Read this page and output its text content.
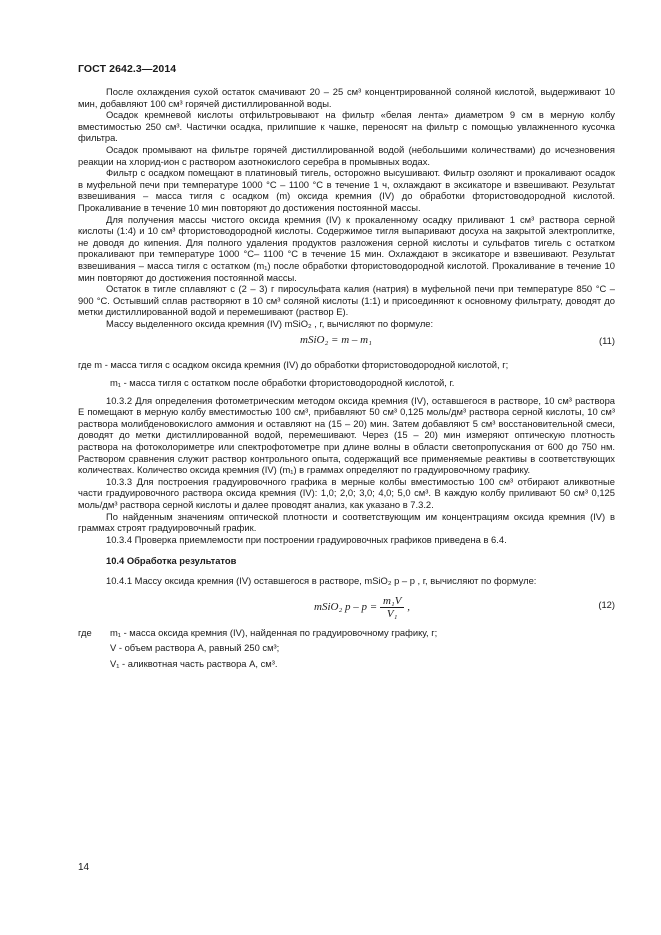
ГОСТ 2642.3—2014

После охлаждения сухой остаток смачивают 20 – 25 см³ концентрированной соляной кислотой, выдерживают 10 мин, добавляют 100 см³ горячей дистиллированной воды.

Осадок кремневой кислоты отфильтровывают на фильтр «белая лента» диаметром 9 см в мерную колбу вместимостью 250 см³. Частички осадка, прилипшие к чашке, переносят на фильтр с помощью увлажненного кусочка фильтра.

Осадок промывают на фильтре горячей дистиллированной водой (небольшими количествами) до исчезновения реакции на хлорид-ион с раствором азотнокислого серебра в промывных водах.

Фильтр с осадком помещают в платиновый тигель, осторожно высушивают. Фильтр озоляют и прокаливают осадок в муфельной печи при температуре 1000 °С – 1100 °С в течение 1 ч, охлаждают в эксикаторе и взвешивают. Результат взвешивания – масса тигля с осадком (m) оксида кремния (IV) до обработки фтористоводородной кислотой. Прокаливание в течение 10 мин повторяют до достижения постоянной массы.

Для получения массы чистого оксида кремния (IV) к прокаленному осадку приливают 1 см³ раствора серной кислоты (1:4) и 10 см³ фтористоводородной кислоты. Содержимое тигля выпаривают досуха на закрытой электроплитке, не доводя до кипения. Для полного удаления продуктов разложения серной кислоты и сульфатов тигель с остатком прокаливают при температуре 1000 °С– 1100 °С в течение 15 мин. Охлаждают в эксикаторе и взвешивают. Результат взвешивания – масса тигля с остатком (m₁) после обработки фтористоводородной кислотой. Прокаливание в течение 10 мин повторяют до достижения постоянной массы.

Остаток в тигле сплавляют с (2 – 3) г пиросульфата калия (натрия) в муфельной печи при температуре 850 °С – 900 °С. Остывший сплав растворяют в 10 см³ соляной кислоты (1:1) и присоединяют к основному фильтрату, доводят до метки дистиллированной водой и перемешивают (раствор Е).

Массу выделенного оксида кремния (IV) mSiO₂ , г, вычисляют по формуле:

mSiO₂ = m – m₁	(11)

где m - масса тигля с осадком оксида кремния (IV) до обработки фтористоводородной кислотой, г;

m₁ - масса тигля с остатком после обработки фтористоводородной кислотой, г.

10.3.2 Для определения фотометрическим методом оксида кремния (IV), оставшегося в растворе, 10 см³ раствора Е помещают в мерную колбу вместимостью 100 см³, прибавляют 50 см³ 0,125 моль/дм³ раствора серной кислоты, 10 см³ раствора молибденовокислого аммония и оставляют на (15 – 20) мин. Затем добавляют 5 см³ восстановительной смеси, доводят до метки дистиллированной водой, перемешивают. Через (15 – 20) мин измеряют оптическую плотность раствора на фотоколориметре или спектрофотометре при длине волны в области светопропускания от 600 до 750 нм. Раствором сравнения служит раствор контрольного опыта, содержащий все применяемые реактивы в соответствующих количествах. Количество оксида кремния (IV) (m₁) в граммах определяют по градуировочному графику.

10.3.3 Для построения градуировочного графика в мерные колбы вместимостью 100 см³ отбирают аликвотные части градуировочного раствора оксида кремния (IV): 1,0; 2,0; 3,0; 4,0; 5,0 см³. В каждую колбу приливают 50 см³ 0,125 моль/дм³ раствора серной кислоты и далее проводят анализ, как указано в 7.3.2.

По найденным значениям оптической плотности и соответствующим им концентрациям оксида кремния (IV) в граммах строят градуировочный график.

10.3.4 Проверка приемлемости при построении градуировочных графиков приведена в 6.4.

10.4 Обработка результатов

10.4.1 Массу оксида кремния (IV) оставшегося в растворе, mSiO₂ р – р , г, вычисляют по формуле:

mSiO₂ $р - р = \frac{\text{m₁V}}{\text{V₁}}$ ,	(12)

где m₁ - масса оксида кремния (IV), найденная по градуировочному графику, г;

V - объем раствора А, равный 250 см³;

V₁ - аликвотная часть раствора А, см³.

14
